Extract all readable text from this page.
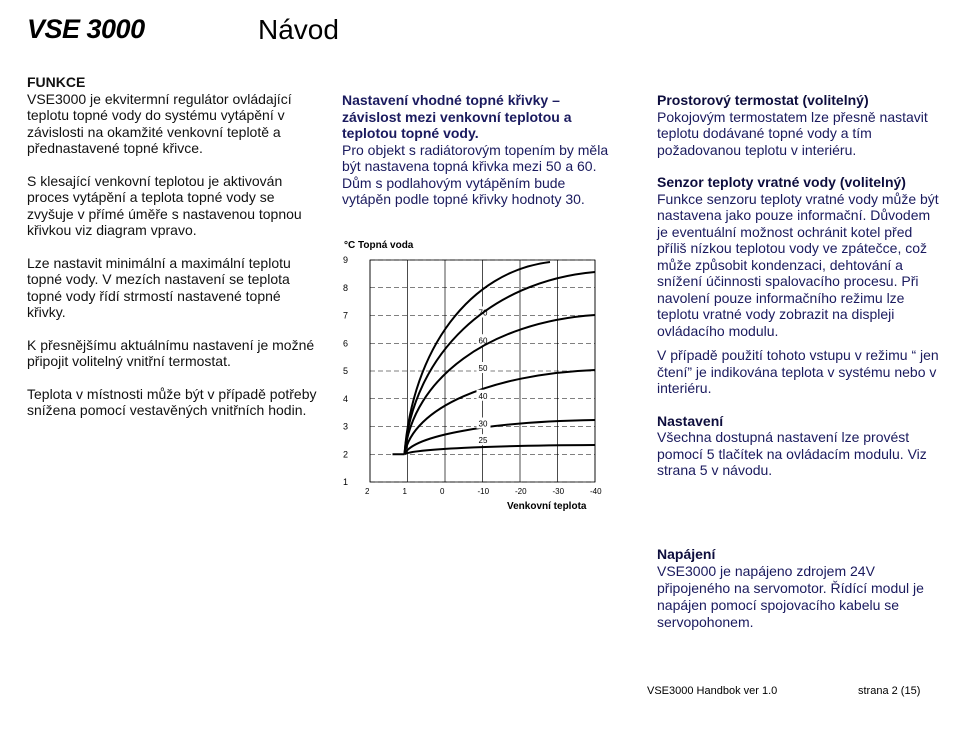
VSE 3000	Návod

FUNKCE

VSE3000 je ekvitermní regulátor ovládající teplotu topné vody do systému vytápění v závislosti na okamžité venkovní teplotě a přednastavené topné křivce.

S klesající venkovní teplotou je aktivován proces vytápění a teplota topné vody se zvyšuje v přímé úměře s nastavenou topnou křivkou viz diagram vpravo.

Lze nastavit minimální a maximální teplotu topné vody. V mezích nastavení se teplota topné vody řídí strmostí nastavené topné křivky.

K přesnějšímu aktuálnímu nastavení je možné připojit volitelný vnitřní termostat.

Teplota v místnosti může být v případě potřeby snížena pomocí vestavěných vnitřních hodin.

Nastavení vhodné topné křivky – závislost mezi venkovní teplotou a teplotou topné vody.

Pro objekt s radiátorovým topením by měla být nastavena topná křivka mezi 50 a 60.

Dům s podlahovým vytápěním bude vytápěn podle topné křivky hodnoty 30.

°C Topná voda
9
8
7
6
5
4
3
2
1
2	1	0	-10	-20	-30	-40
70
60
50
40
30
25
Venkovní teplota

Prostorový termostat (volitelný)

Pokojovým termostatem lze přesně nastavit teplotu dodávané topné vody a tím požadovanou teplotu v interiéru.

Senzor teploty vratné vody (volitelný)

Funkce senzoru teploty vratné vody může být nastavena jako pouze informační. Důvodem je eventuální možnost ochránit kotel před příliš nízkou teplotou vody ve zpátečce, což může způsobit kondenzaci, dehtování a snížení účinnosti spalovacího procesu. Při navolení pouze informačního režimu lze teplotu vratné vody zobrazit na displeji ovládacího modulu.

V případě použití tohoto vstupu v režimu “ jen čtení” je indikována teplota v systému nebo v interiéru.

Nastavení

Všechna dostupná nastavení lze provést pomocí 5 tlačítek na ovládacím modulu. Viz strana 5 v návodu.

Napájení
VSE3000 je napájeno zdrojem 24V připojeného na servomotor. Řídící modul je napájen pomocí spojovacího kabelu se servopohonem.
VSE3000 Handbok ver 1.0	strana 2 (15)
